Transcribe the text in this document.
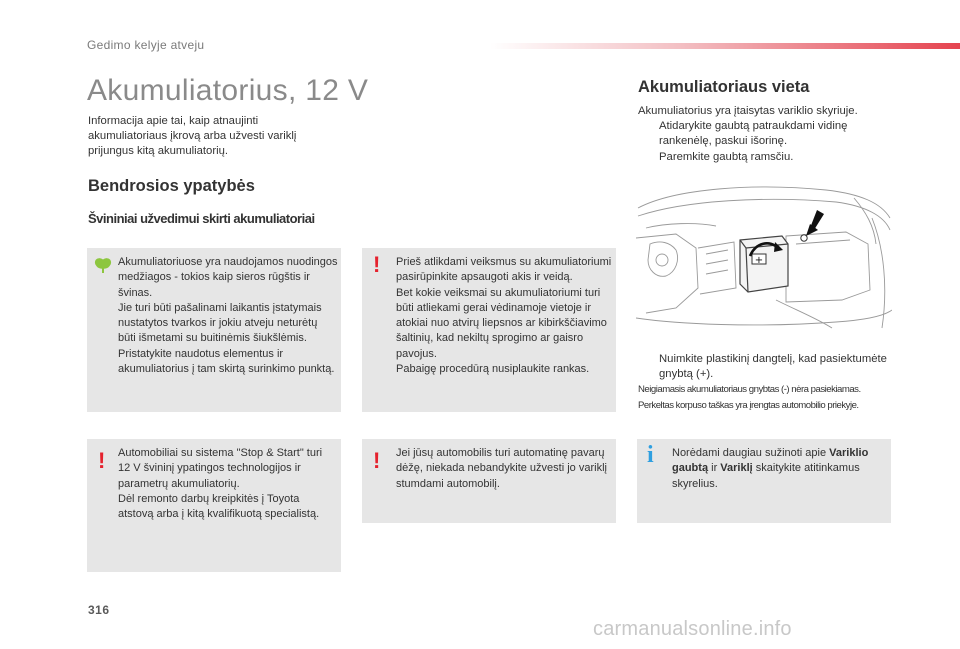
Gedimo kelyje atveju
Akumuliatorius, 12 V
Informacija apie tai, kaip atnaujinti akumuliatoriaus įkrovą arba užvesti variklį prijungus kitą akumuliatorių.
Bendrosios ypatybės
Švininiai užvedimui skirti akumuliatoriai
Akumuliatoriuose yra naudojamos nuodingos medžiagos - tokios kaip sieros rūgštis ir švinas.
Jie turi būti pašalinami laikantis įstatymais nustatytos tvarkos ir jokiu atveju neturėtų būti išmetami su buitinėmis šiukšlėmis.
Pristatykite naudotus elementus ir akumuliatorius į tam skirtą surinkimo punktą.
! Prieš atlikdami veiksmus su akumuliatoriumi pasirūpinkite apsaugoti akis ir veidą.
Bet kokie veiksmai su akumuliatoriumi turi būti atliekami gerai vėdinamoje vietoje ir atokiai nuo atvirų liepsnos ar kibirkščiavimo šaltinių, kad nekiltų sprogimo ar gaisro pavojus.
Pabaigę procedūrą nusiplaukite rankas.
! Automobiliai su sistema "Stop & Start" turi 12 V švininį ypatingos technologijos ir parametrų akumuliatorių.
Dėl remonto darbų kreipkitės į Toyota atstovą arba į kitą kvalifikuotą specialistą.
! Jei jūsų automobilis turi automatinę pavarų dėžę, niekada nebandykite užvesti jo variklį stumdami automobilį.
i Norėdami daugiau sužinoti apie Variklio gaubtą ir Variklį skaitykite atitinkamus skyrelius.
Akumuliatoriaus vieta
Akumuliatorius yra įtaisytas variklio skyriuje.
Atidarykite gaubtą patraukdami vidinę rankenėlę, paskui išorinę.
Paremkite gaubtą ramsčiu.
+
Nuimkite plastikinį dangtelį, kad pasiektumėte gnybtą (+).
Neigiamasis akumuliatoriaus gnybtas (-) nėra pasiekiamas.
Perkeltas korpuso taškas yra įrengtas automobilio priekyje.
316
carmanualsonline.info
